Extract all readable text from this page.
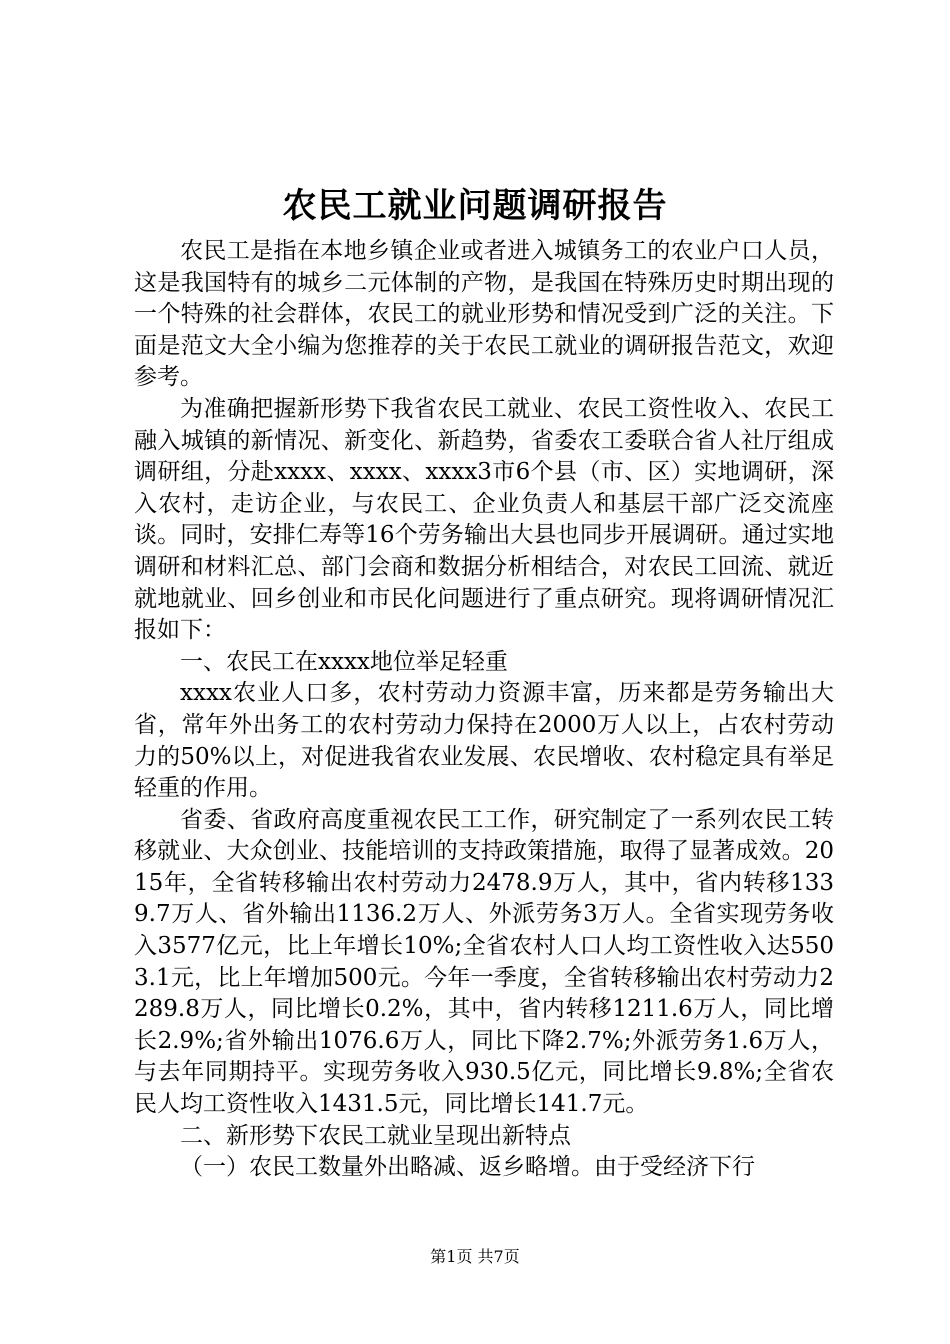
农民工就业问题调研报告

农民工是指在本地乡镇企业或者进入城镇务工的农业户口人员，这是我国特有的城乡二元体制的产物，是我国在特殊历史时期出现的一个特殊的社会群体，农民工的就业形势和情况受到广泛的关注。下面是范文大全小编为您推荐的关于农民工就业的调研报告范文，欢迎参考。

为准确把握新形势下我省农民工就业、农民工资性收入、农民工融入城镇的新情况、新变化、新趋势，省委农工委联合省人社厅组成调研组，分赴xxxx、xxxx、xxxx3市6个县（市、区）实地调研，深入农村，走访企业，与农民工、企业负责人和基层干部广泛交流座谈。同时，安排仁寿等16个劳务输出大县也同步开展调研。通过实地调研和材料汇总、部门会商和数据分析相结合，对农民工回流、就近就地就业、回乡创业和市民化问题进行了重点研究。现将调研情况汇报如下：

一、农民工在xxxx地位举足轻重

xxxx农业人口多，农村劳动力资源丰富，历来都是劳务输出大省，常年外出务工的农村劳动力保持在2000万人以上，占农村劳动力的50%以上，对促进我省农业发展、农民增收、农村稳定具有举足轻重的作用。

省委、省政府高度重视农民工工作，研究制定了一系列农民工转移就业、大众创业、技能培训的支持政策措施，取得了显著成效。2015年，全省转移输出农村劳动力2478.9万人，其中，省内转移1339.7万人、省外输出1136.2万人、外派劳务3万人。全省实现劳务收入3577亿元，比上年增长10%;全省农村人口人均工资性收入达5503.1元，比上年增加500元。今年一季度，全省转移输出农村劳动力2289.8万人，同比增长0.2%，其中，省内转移1211.6万人，同比增长2.9%;省外输出1076.6万人，同比下降2.7%;外派劳务1.6万人，与去年同期持平。实现劳务收入930.5亿元，同比增长9.8%;全省农民人均工资性收入1431.5元，同比增长141.7元。

二、新形势下农民工就业呈现出新特点

（一）农民工数量外出略减、返乡略增。由于受经济下行

第1页 共7页
